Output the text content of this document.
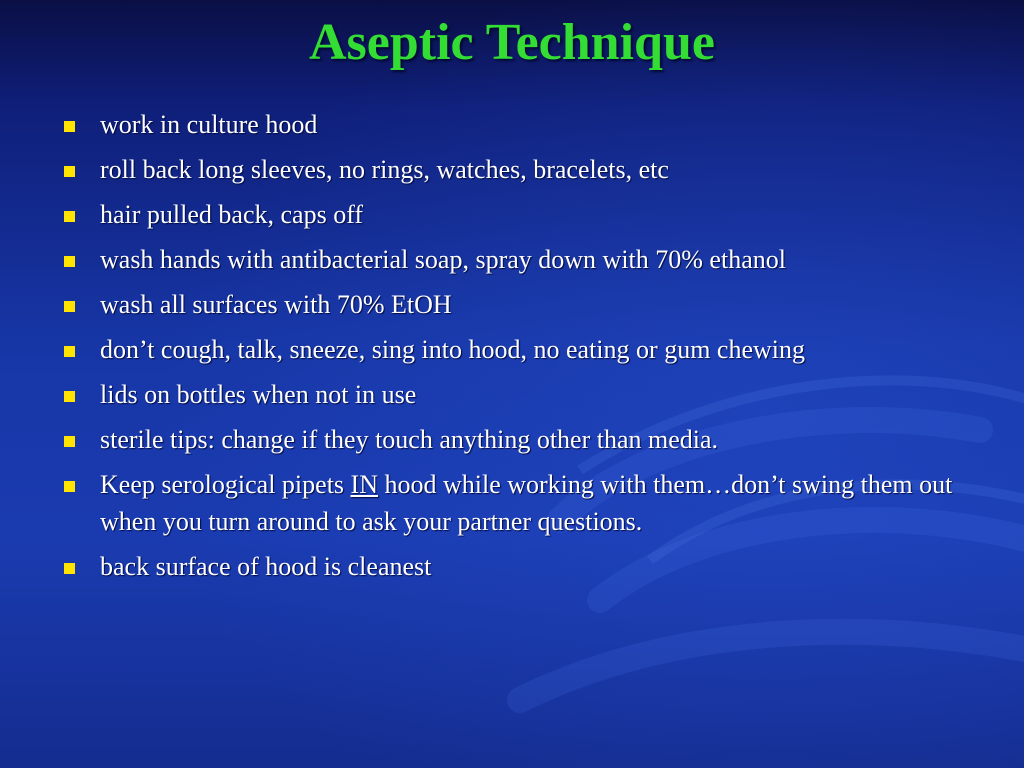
Aseptic Technique
work in culture hood
roll back long sleeves, no rings, watches, bracelets, etc
hair pulled back, caps off
wash hands with antibacterial soap, spray down with 70% ethanol
wash all surfaces with 70% EtOH
don’t cough, talk, sneeze, sing into hood, no eating or gum chewing
lids on bottles when not in use
sterile tips: change if they touch anything other than media.
Keep serological pipets IN hood while working with them…don’t swing them out when you turn around to ask your partner questions.
back surface of hood is cleanest
